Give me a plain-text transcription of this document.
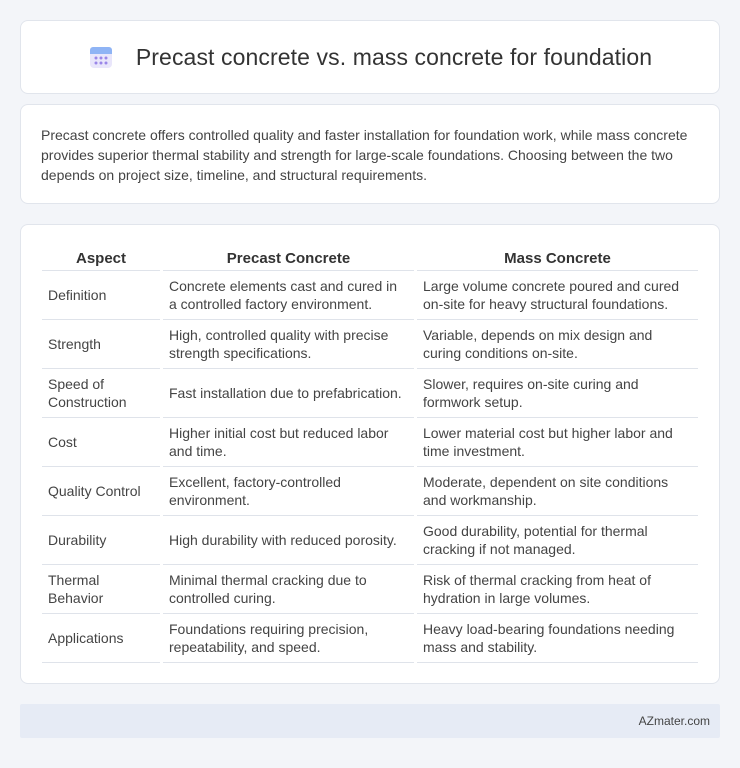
Precast concrete vs. mass concrete for foundation

Precast concrete offers controlled quality and faster installation for foundation work, while mass concrete provides superior thermal stability and strength for large-scale foundations. Choosing between the two depends on project size, timeline, and structural requirements.

Aspect	Precast Concrete	Mass Concrete
Definition	Concrete elements cast and cured in a controlled factory environment.	Large volume concrete poured and cured on-site for heavy structural foundations.
Strength	High, controlled quality with precise strength specifications.	Variable, depends on mix design and curing conditions on-site.
Speed of Construction	Fast installation due to prefabrication.	Slower, requires on-site curing and formwork setup.
Cost	Higher initial cost but reduced labor and time.	Lower material cost but higher labor and time investment.
Quality Control	Excellent, factory-controlled environment.	Moderate, dependent on site conditions and workmanship.
Durability	High durability with reduced porosity.	Good durability, potential for thermal cracking if not managed.
Thermal Behavior	Minimal thermal cracking due to controlled curing.	Risk of thermal cracking from heat of hydration in large volumes.
Applications	Foundations requiring precision, repeatability, and speed.	Heavy load-bearing foundations needing mass and stability.
AZmater.com
